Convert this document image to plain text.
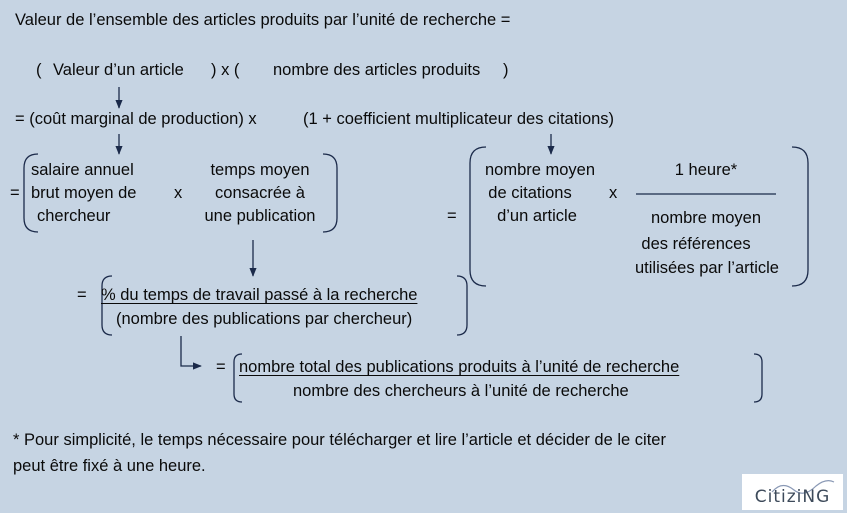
Valeur de l’ensemble des articles produits par l’unité de recherche =
( Valeur d’un article ) x ( nombre des articles produits )
= (coût marginal de production) x	(1 + coefficient multiplicateur des citations)
=
salaire annuel
brut moyen de
chercheur
x
temps moyen
consacrée à
une publication	=
nombre moyen
de citations
d’un article
x
1 heure*
nombre moyen
des références
utilisées par l’article
= % du temps de travail passé à la recherche
(nombre des publications par chercheur)
= nombre total des publications produits à l’unité de recherche
nombre des chercheurs à l’unité de recherche
* Pour simplicité, le temps nécessaire pour télécharger et lire l’article et décider de le citer
peut être fixé à une heure.
CitiziNG
